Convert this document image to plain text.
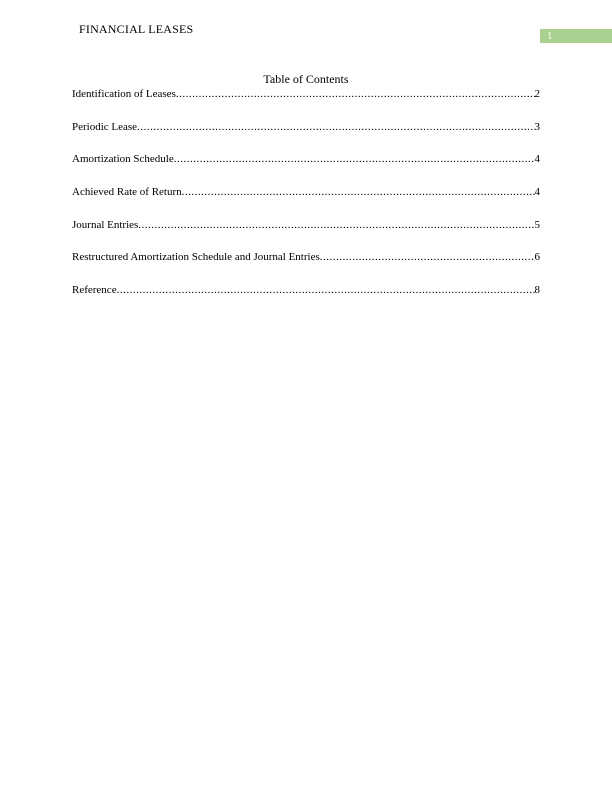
FINANCIAL LEASES	1
Table of Contents
Identification of Leases .....	2
Periodic Lease .....	3
Amortization Schedule .....	4
Achieved Rate of Return .....	4
Journal Entries .....	5
Restructured Amortization Schedule and Journal Entries .....	6
Reference .....	8
